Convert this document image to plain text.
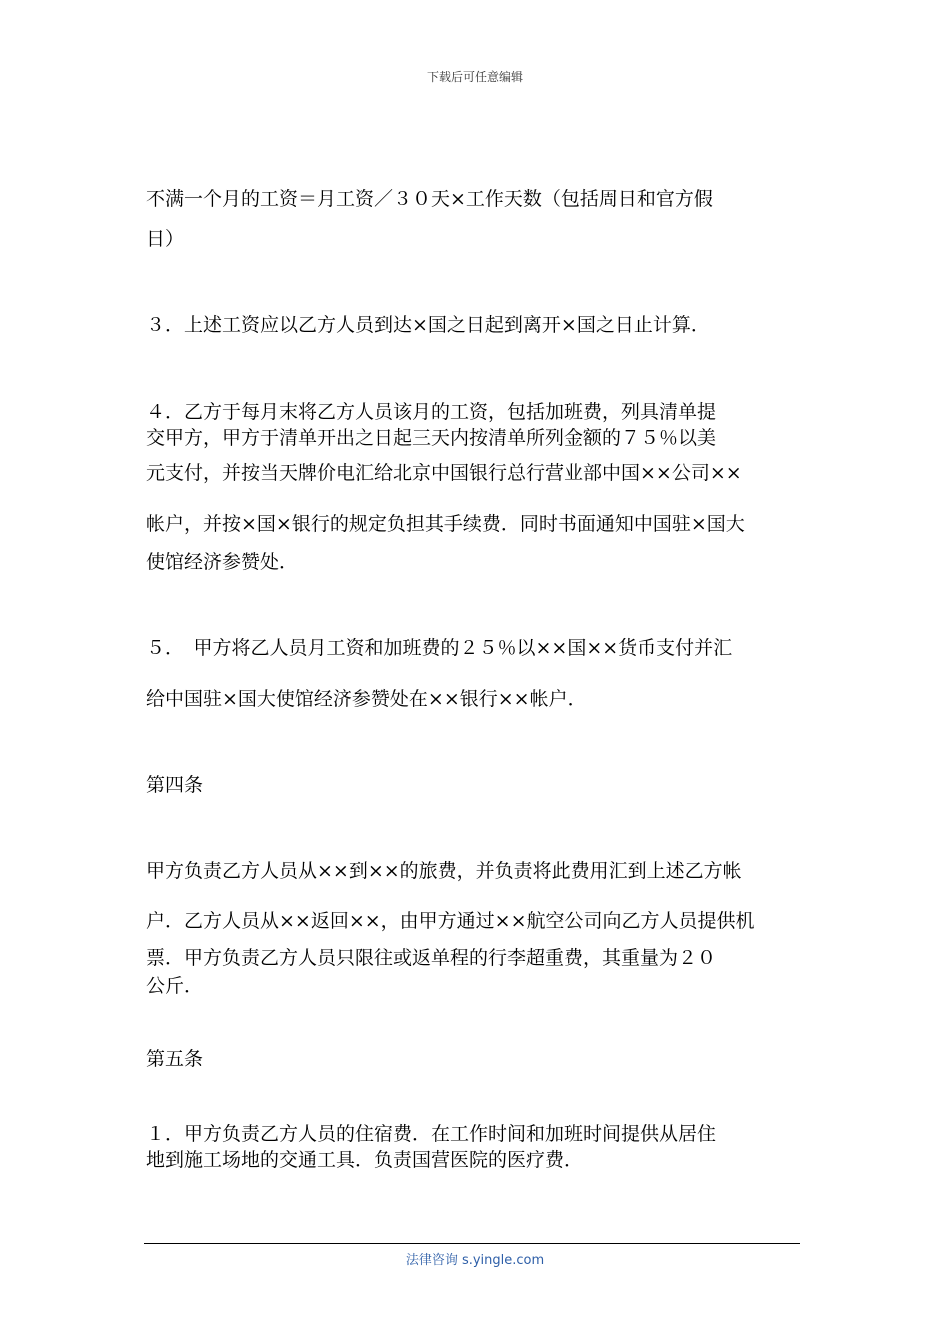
下载后可任意编辑
不满一个月的工资＝月工资／３０天×工作天数（包括周日和官方假
日）
３．上述工资应以乙方人员到达×国之日起到离开×国之日止计算．
４．乙方于每月末将乙方人员该月的工资，包括加班费，列具清单提
交甲方，甲方于清单开出之日起三天内按清单所列金额的７５％以美
元支付，并按当天牌价电汇给北京中国银行总行营业部中国××公司××
帐户，并按×国×银行的规定负担其手续费．同时书面通知中国驻×国大
使馆经济参赞处．
５．　甲方将乙人员月工资和加班费的２５％以××国××货币支付并汇
给中国驻×国大使馆经济参赞处在××银行××帐户．
第四条
甲方负责乙方人员从××到××的旅费，并负责将此费用汇到上述乙方帐
户．乙方人员从××返回××，由甲方通过××航空公司向乙方人员提供机
票．甲方负责乙方人员只限往或返单程的行李超重费，其重量为２０
公斤．
第五条
１．甲方负责乙方人员的住宿费．在工作时间和加班时间提供从居住
地到施工场地的交通工具．负责国营医院的医疗费．
法律咨询 s.yingle.com
